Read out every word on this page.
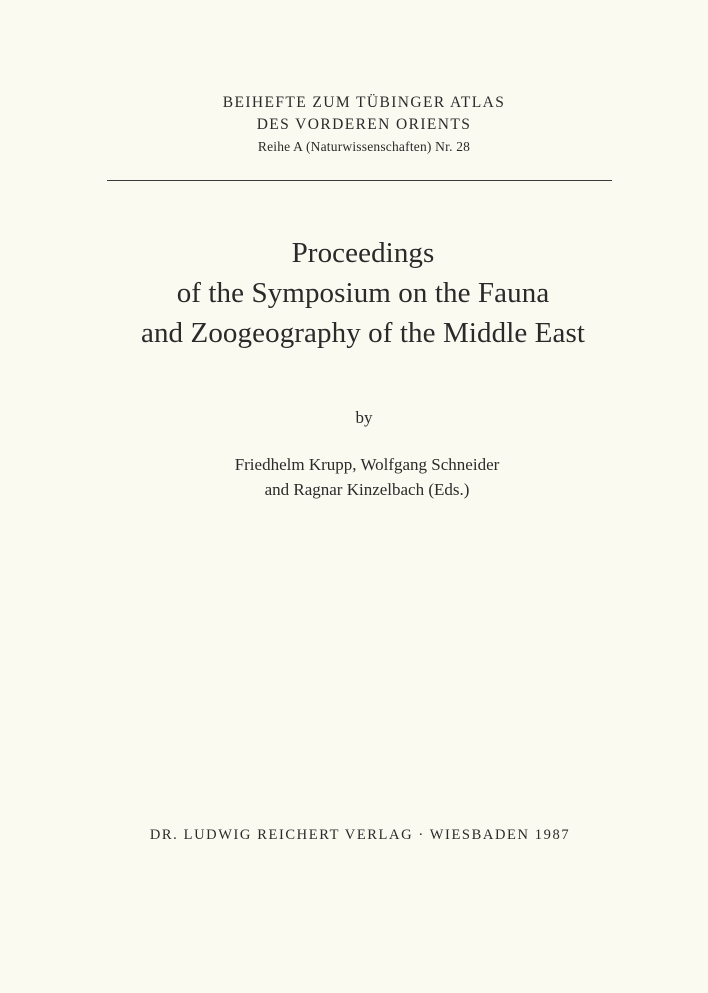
BEIHEFTE ZUM TÜBINGER ATLAS
DES VORDEREN ORIENTS
Reihe A (Naturwissenschaften) Nr. 28
Proceedings
of the Symposium on the Fauna
and Zoogeography of the Middle East
by
Friedhelm Krupp, Wolfgang Schneider
and Ragnar Kinzelbach (Eds.)
DR. LUDWIG REICHERT VERLAG · WIESBADEN 1987
